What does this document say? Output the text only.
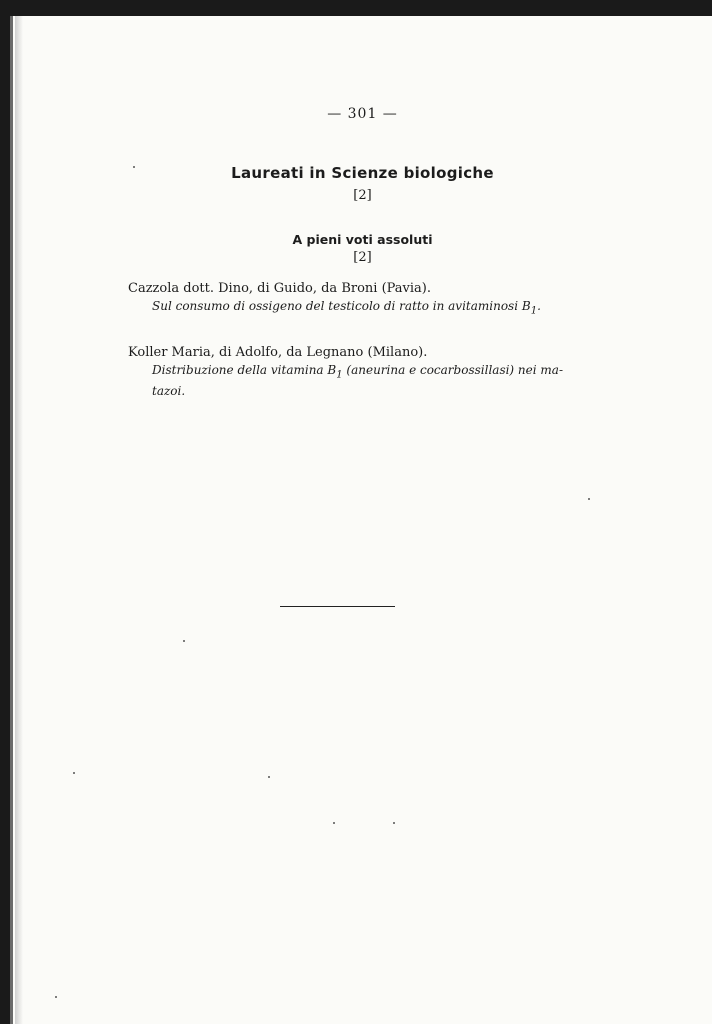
— 301 —
Laureati in Scienze biologiche
[2]
A pieni voti assoluti
[2]
Cazzola dott. Dino, di Guido, da Broni (Pavia).
Sul consumo di ossigeno del testicolo di ratto in avitaminosi $B_1$.
Koller Maria, di Adolfo, da Legnano (Milano).
Distribuzione della vitamina $B_1$ (aneurina e cocarbossillasi) nei ma-
tazoi.
